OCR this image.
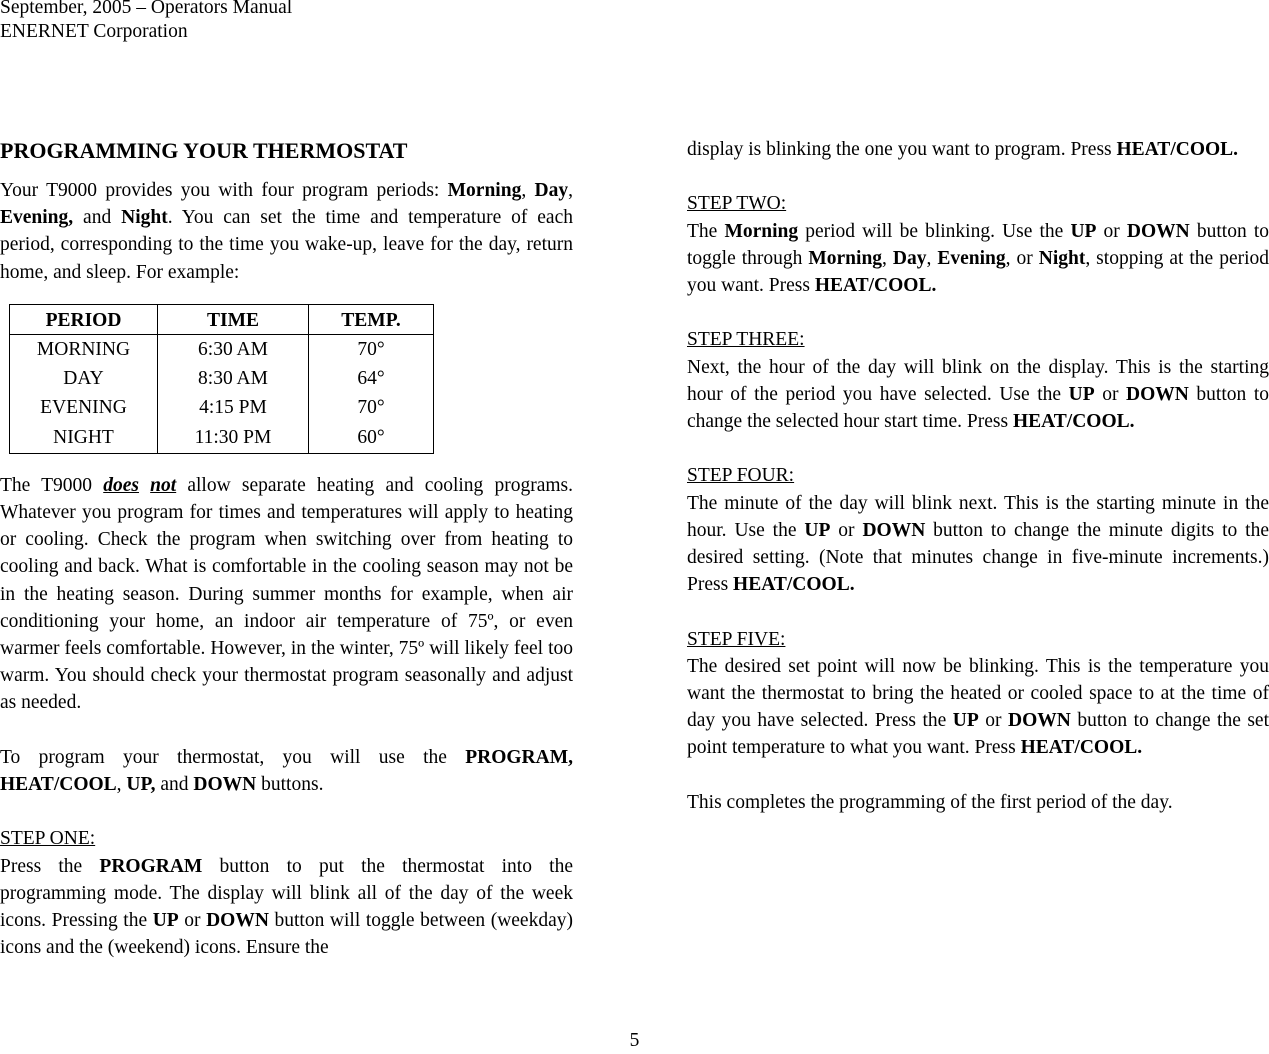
September, 2005 – Operators Manual
ENERNET Corporation
PROGRAMMING YOUR THERMOSTAT

Your T9000 provides you with four program periods: Morning, Day, Evening, and Night. You can set the time and temperature of each period, corresponding to the time you wake-up, leave for the day, return home, and sleep. For example:

PERIOD	TIME	TEMP.
MORNING	6:30 AM	70°
DAY	8:30 AM	64°
EVENING	4:15 PM	70°
NIGHT	11:30 PM	60°

The T9000 does not allow separate heating and cooling programs. Whatever you program for times and temperatures will apply to heating or cooling. Check the program when switching over from heating to cooling and back. What is comfortable in the cooling season may not be in the heating season. During summer months for example, when air conditioning your home, an indoor air temperature of 75º, or even warmer feels comfortable. However, in the winter, 75º will likely feel too warm. You should check your thermostat program seasonally and adjust as needed.

To program your thermostat, you will use the PROGRAM, HEAT/COOL, UP, and DOWN buttons.

STEP ONE:

Press the PROGRAM button to put the thermostat into the programming mode. The display will blink all of the day of the week icons. Pressing the UP or DOWN button will toggle between (weekday) icons and the (weekend) icons. Ensure the

display is blinking the one you want to program. Press HEAT/COOL.

STEP TWO:

The Morning period will be blinking. Use the UP or DOWN button to toggle through Morning, Day, Evening, or Night, stopping at the period you want. Press HEAT/COOL.

STEP THREE:

Next, the hour of the day will blink on the display. This is the starting hour of the period you have selected. Use the UP or DOWN button to change the selected hour start time. Press HEAT/COOL.

STEP FOUR:

The minute of the day will blink next. This is the starting minute in the hour. Use the UP or DOWN button to change the minute digits to the desired setting. (Note that minutes change in five-minute increments.) Press HEAT/COOL.

STEP FIVE:

The desired set point will now be blinking. This is the temperature you want the thermostat to bring the heated or cooled space to at the time of day you have selected. Press the UP or DOWN button to change the set point temperature to what you want. Press HEAT/COOL.

This completes the programming of the first period of the day.

5
